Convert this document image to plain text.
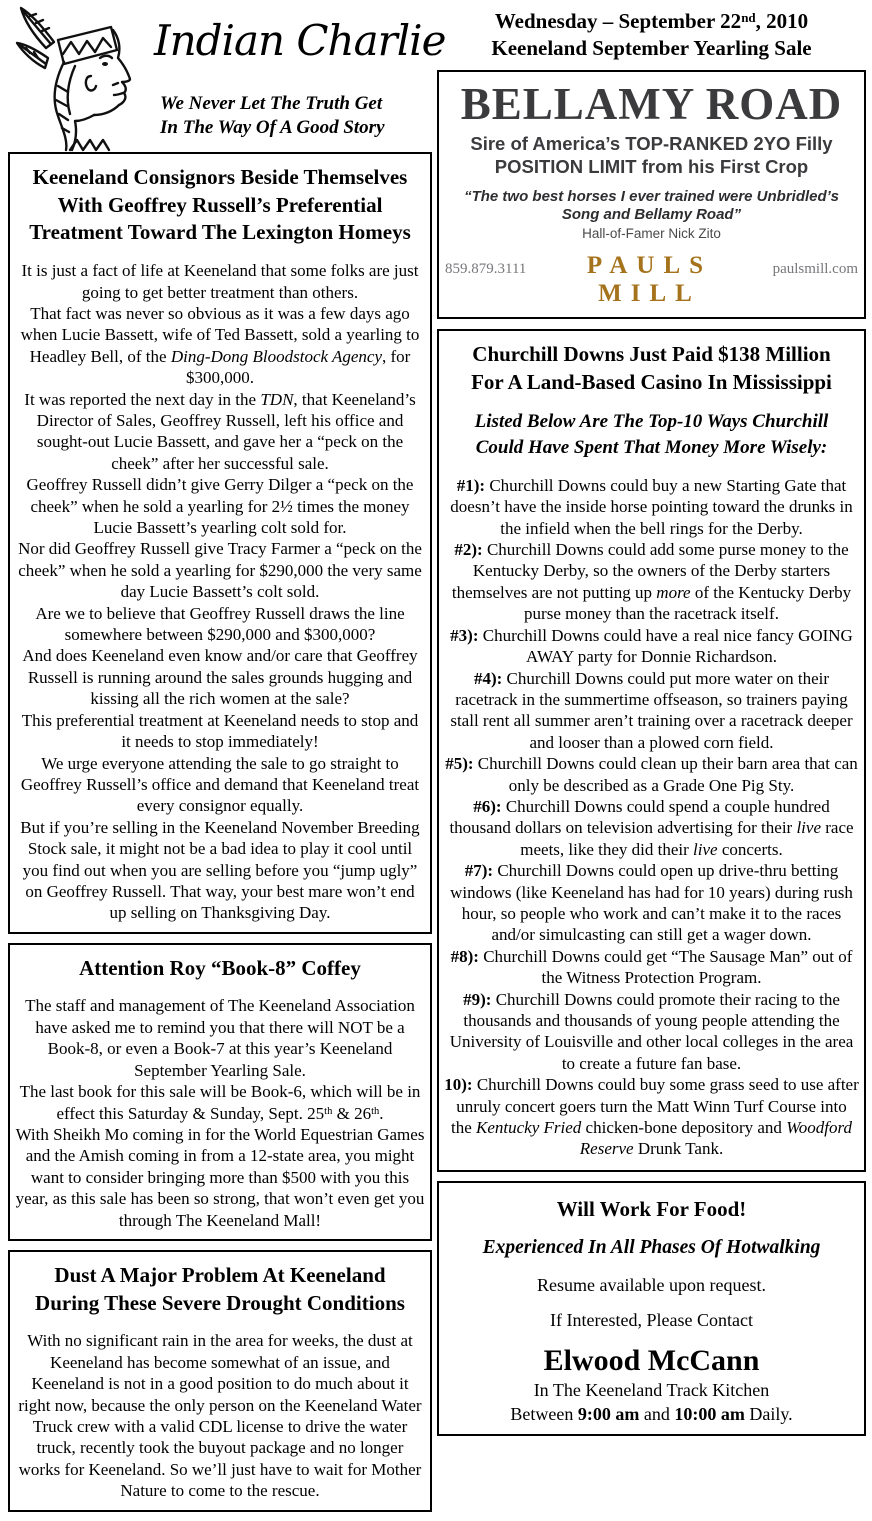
Indian Charlie
We Never Let The Truth Get
In The Way Of A Good Story
Keeneland Consignors Beside Themselves
With Geoffrey Russell’s Preferential
Treatment Toward The Lexington Homeys

It is just a fact of life at Keeneland that some folks are just going to get better treatment than others.

That fact was never so obvious as it was a few days ago when Lucie Bassett, wife of Ted Bassett, sold a yearling to Headley Bell, of the Ding-Dong Bloodstock Agency, for $300,000.

It was reported the next day in the TDN, that Keeneland’s Director of Sales, Geoffrey Russell, left his office and sought-out Lucie Bassett, and gave her a “peck on the cheek” after her successful sale.

Geoffrey Russell didn’t give Gerry Dilger a “peck on the cheek” when he sold a yearling for 2½ times the money Lucie Bassett’s yearling colt sold for.

Nor did Geoffrey Russell give Tracy Farmer a “peck on the cheek” when he sold a yearling for $290,000 the very same day Lucie Bassett’s colt sold.

Are we to believe that Geoffrey Russell draws the line somewhere between $290,000 and $300,000?

And does Keeneland even know and/or care that Geoffrey Russell is running around the sales grounds hugging and kissing all the rich women at the sale?

This preferential treatment at Keeneland needs to stop and it needs to stop immediately!

We urge everyone attending the sale to go straight to Geoffrey Russell’s office and demand that Keeneland treat every consignor equally.

But if you’re selling in the Keeneland November Breeding Stock sale, it might not be a bad idea to play it cool until you find out when you are selling before you “jump ugly” on Geoffrey Russell. That way, your best mare won’t end up selling on Thanksgiving Day.

Attention Roy “Book-8” Coffey

The staff and management of The Keeneland Association have asked me to remind you that there will NOT be a Book-8, or even a Book-7 at this year’s Keeneland September Yearling Sale.

The last book for this sale will be Book-6, which will be in effect this Saturday & Sunday, Sept. 25th & 26th.

With Sheikh Mo coming in for the World Equestrian Games and the Amish coming in from a 12-state area, you might want to consider bringing more than $500 with you this year, as this sale has been so strong, that won’t even get you through The Keeneland Mall!

Dust A Major Problem At Keeneland
During These Severe Drought Conditions

With no significant rain in the area for weeks, the dust at Keeneland has become somewhat of an issue, and Keeneland is not in a good position to do much about it right now, because the only person on the Keeneland Water Truck crew with a valid CDL license to drive the water truck, recently took the buyout package and no longer works for Keeneland. So we’ll just have to wait for Mother Nature to come to the rescue.

Wednesday – September 22nd, 2010
Keeneland September Yearling Sale
BELLAMY ROAD
Sire of America’s TOP-RANKED 2YO Filly
POSITION LIMIT from his First Crop
“The two best horses I ever trained were Unbridled’s Song and Bellamy Road”
Hall-of-Famer Nick Zito
859.879.3111	PAULS MILL
paulsmill.com
Churchill Downs Just Paid $138 Million
For A Land-Based Casino In Mississippi
Listed Below Are The Top-10 Ways Churchill
Could Have Spent That Money More Wisely:

#1): Churchill Downs could buy a new Starting Gate that doesn’t have the inside horse pointing toward the drunks in the infield when the bell rings for the Derby.

#2): Churchill Downs could add some purse money to the Kentucky Derby, so the owners of the Derby starters themselves are not putting up more of the Kentucky Derby purse money than the racetrack itself.

#3): Churchill Downs could have a real nice fancy GOING AWAY party for Donnie Richardson.

#4): Churchill Downs could put more water on their racetrack in the summertime offseason, so trainers paying stall rent all summer aren’t training over a racetrack deeper and looser than a plowed corn field.

#5): Churchill Downs could clean up their barn area that can only be described as a Grade One Pig Sty.

#6): Churchill Downs could spend a couple hundred thousand dollars on television advertising for their live race meets, like they did their live concerts.

#7): Churchill Downs could open up drive-thru betting windows (like Keeneland has had for 10 years) during rush hour, so people who work and can’t make it to the races and/or simulcasting can still get a wager down.

#8): Churchill Downs could get “The Sausage Man” out of the Witness Protection Program.

#9): Churchill Downs could promote their racing to the thousands and thousands of young people attending the University of Louisville and other local colleges in the area to create a future fan base.

10): Churchill Downs could buy some grass seed to use after unruly concert goers turn the Matt Winn Turf Course into the Kentucky Fried chicken-bone depository and Woodford Reserve Drunk Tank.

Will Work For Food!
Experienced In All Phases Of Hotwalking
Resume available upon request.
If Interested, Please Contact
Elwood McCann
In The Keeneland Track Kitchen
Between 9:00 am and 10:00 am Daily.
